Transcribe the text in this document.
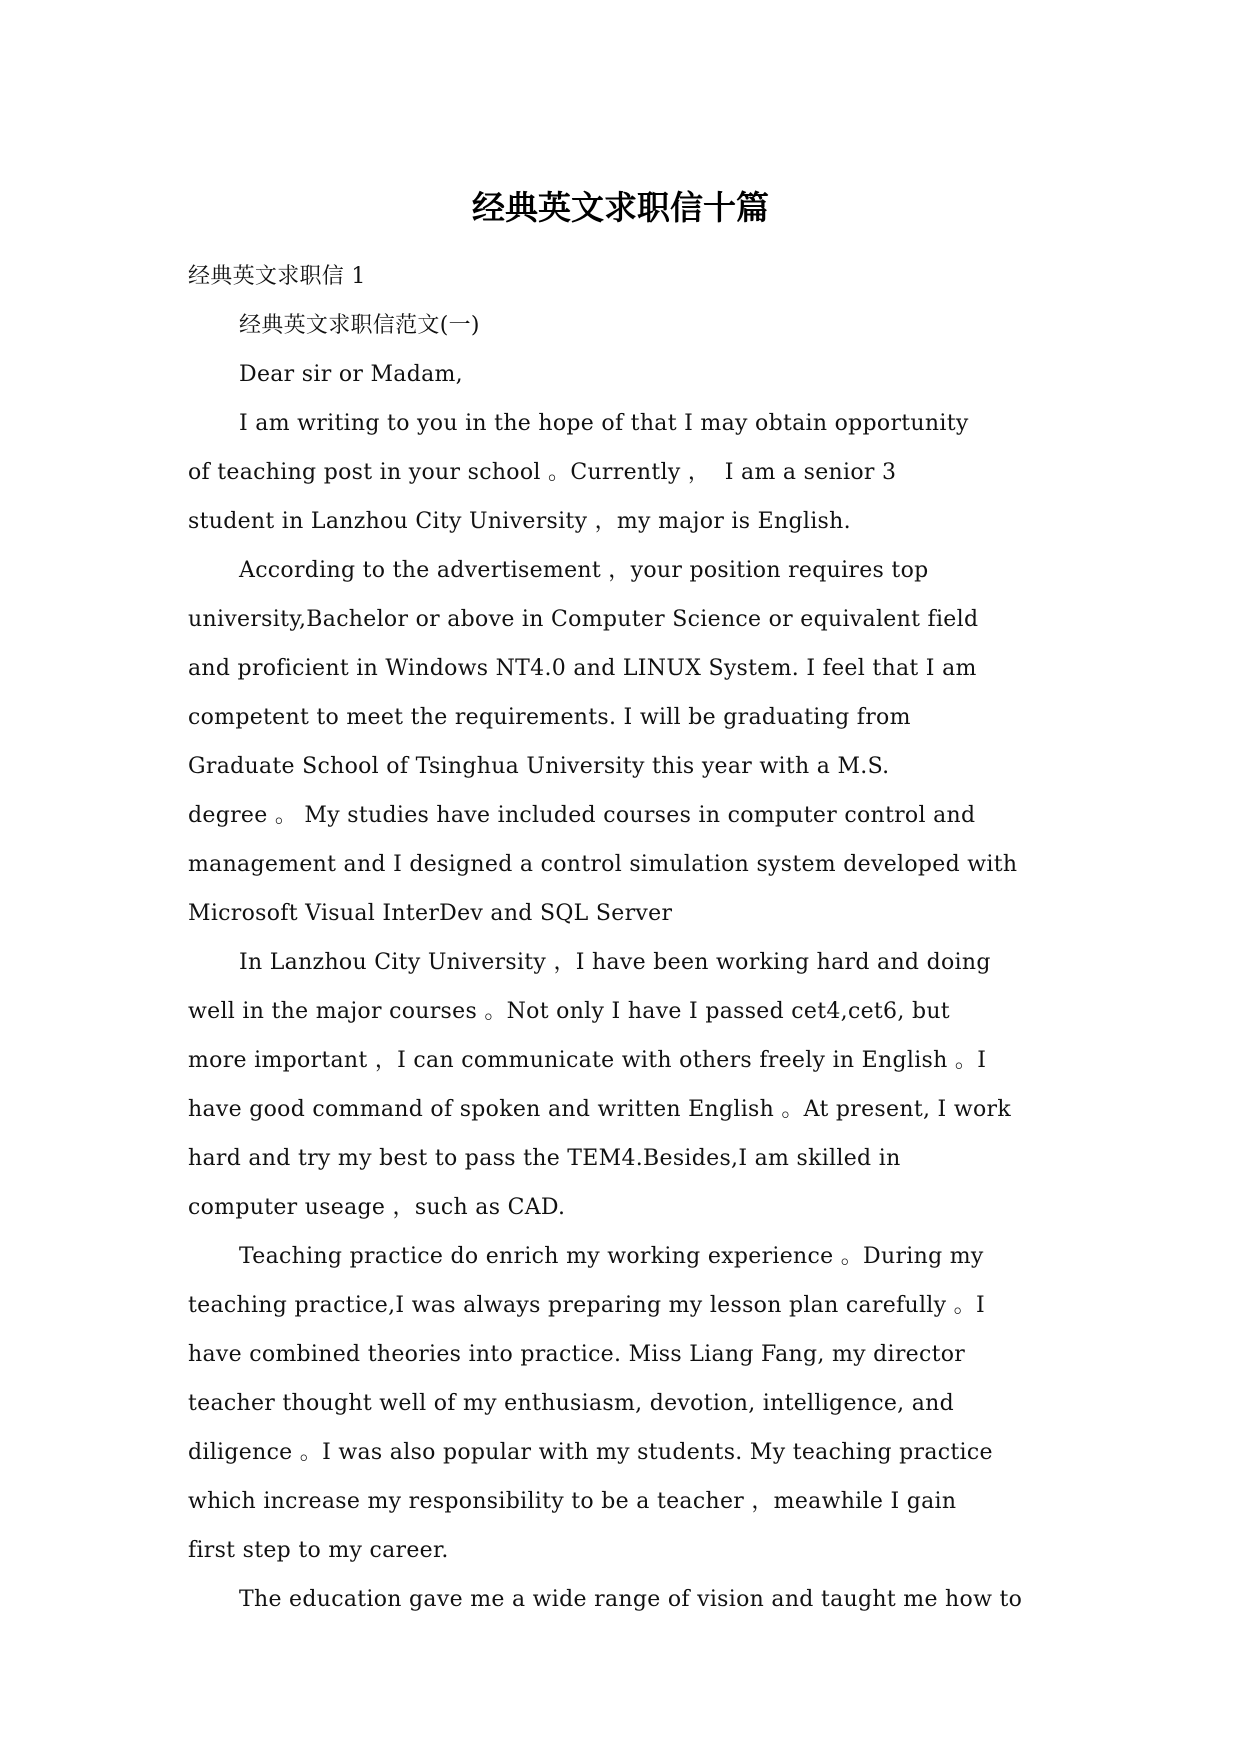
经典英文求职信十篇
经典英文求职信 1
经典英文求职信范文(一)
Dear sir or Madam,
I am writing to you in the hope of that I may obtain opportunity
of teaching post in your school 。Currently ，  I am a senior 3
student in Lanzhou City University ，my major is English.
According to the advertisement ，your position requires top
university,Bachelor or above in Computer Science or equivalent field
and proficient in Windows NT4.0 and LINUX System. I feel that I am
competent to meet the requirements. I will be graduating from
Graduate School of Tsinghua University this year with a M.S.
degree 。 My studies have included courses in computer control and
management and I designed a control simulation system developed with
Microsoft Visual InterDev and SQL Server
In Lanzhou City University ，I have been working hard and doing
well in the major courses 。Not only I have I passed cet4,cet6, but
more important ，I can communicate with others freely in English 。I
have good command of spoken and written English 。At present, I work
hard and try my best to pass the TEM4.Besides,I am skilled in
computer useage ，such as CAD.
Teaching practice do enrich my working experience 。During my
teaching practice,I was always preparing my lesson plan carefully 。I
have combined theories into practice. Miss Liang Fang, my director
teacher thought well of my enthusiasm, devotion, intelligence, and
diligence 。I was also popular with my students. My teaching practice
which increase my responsibility to be a teacher ，meawhile I gain
first step to my career.
The education gave me a wide range of vision and taught me how to
